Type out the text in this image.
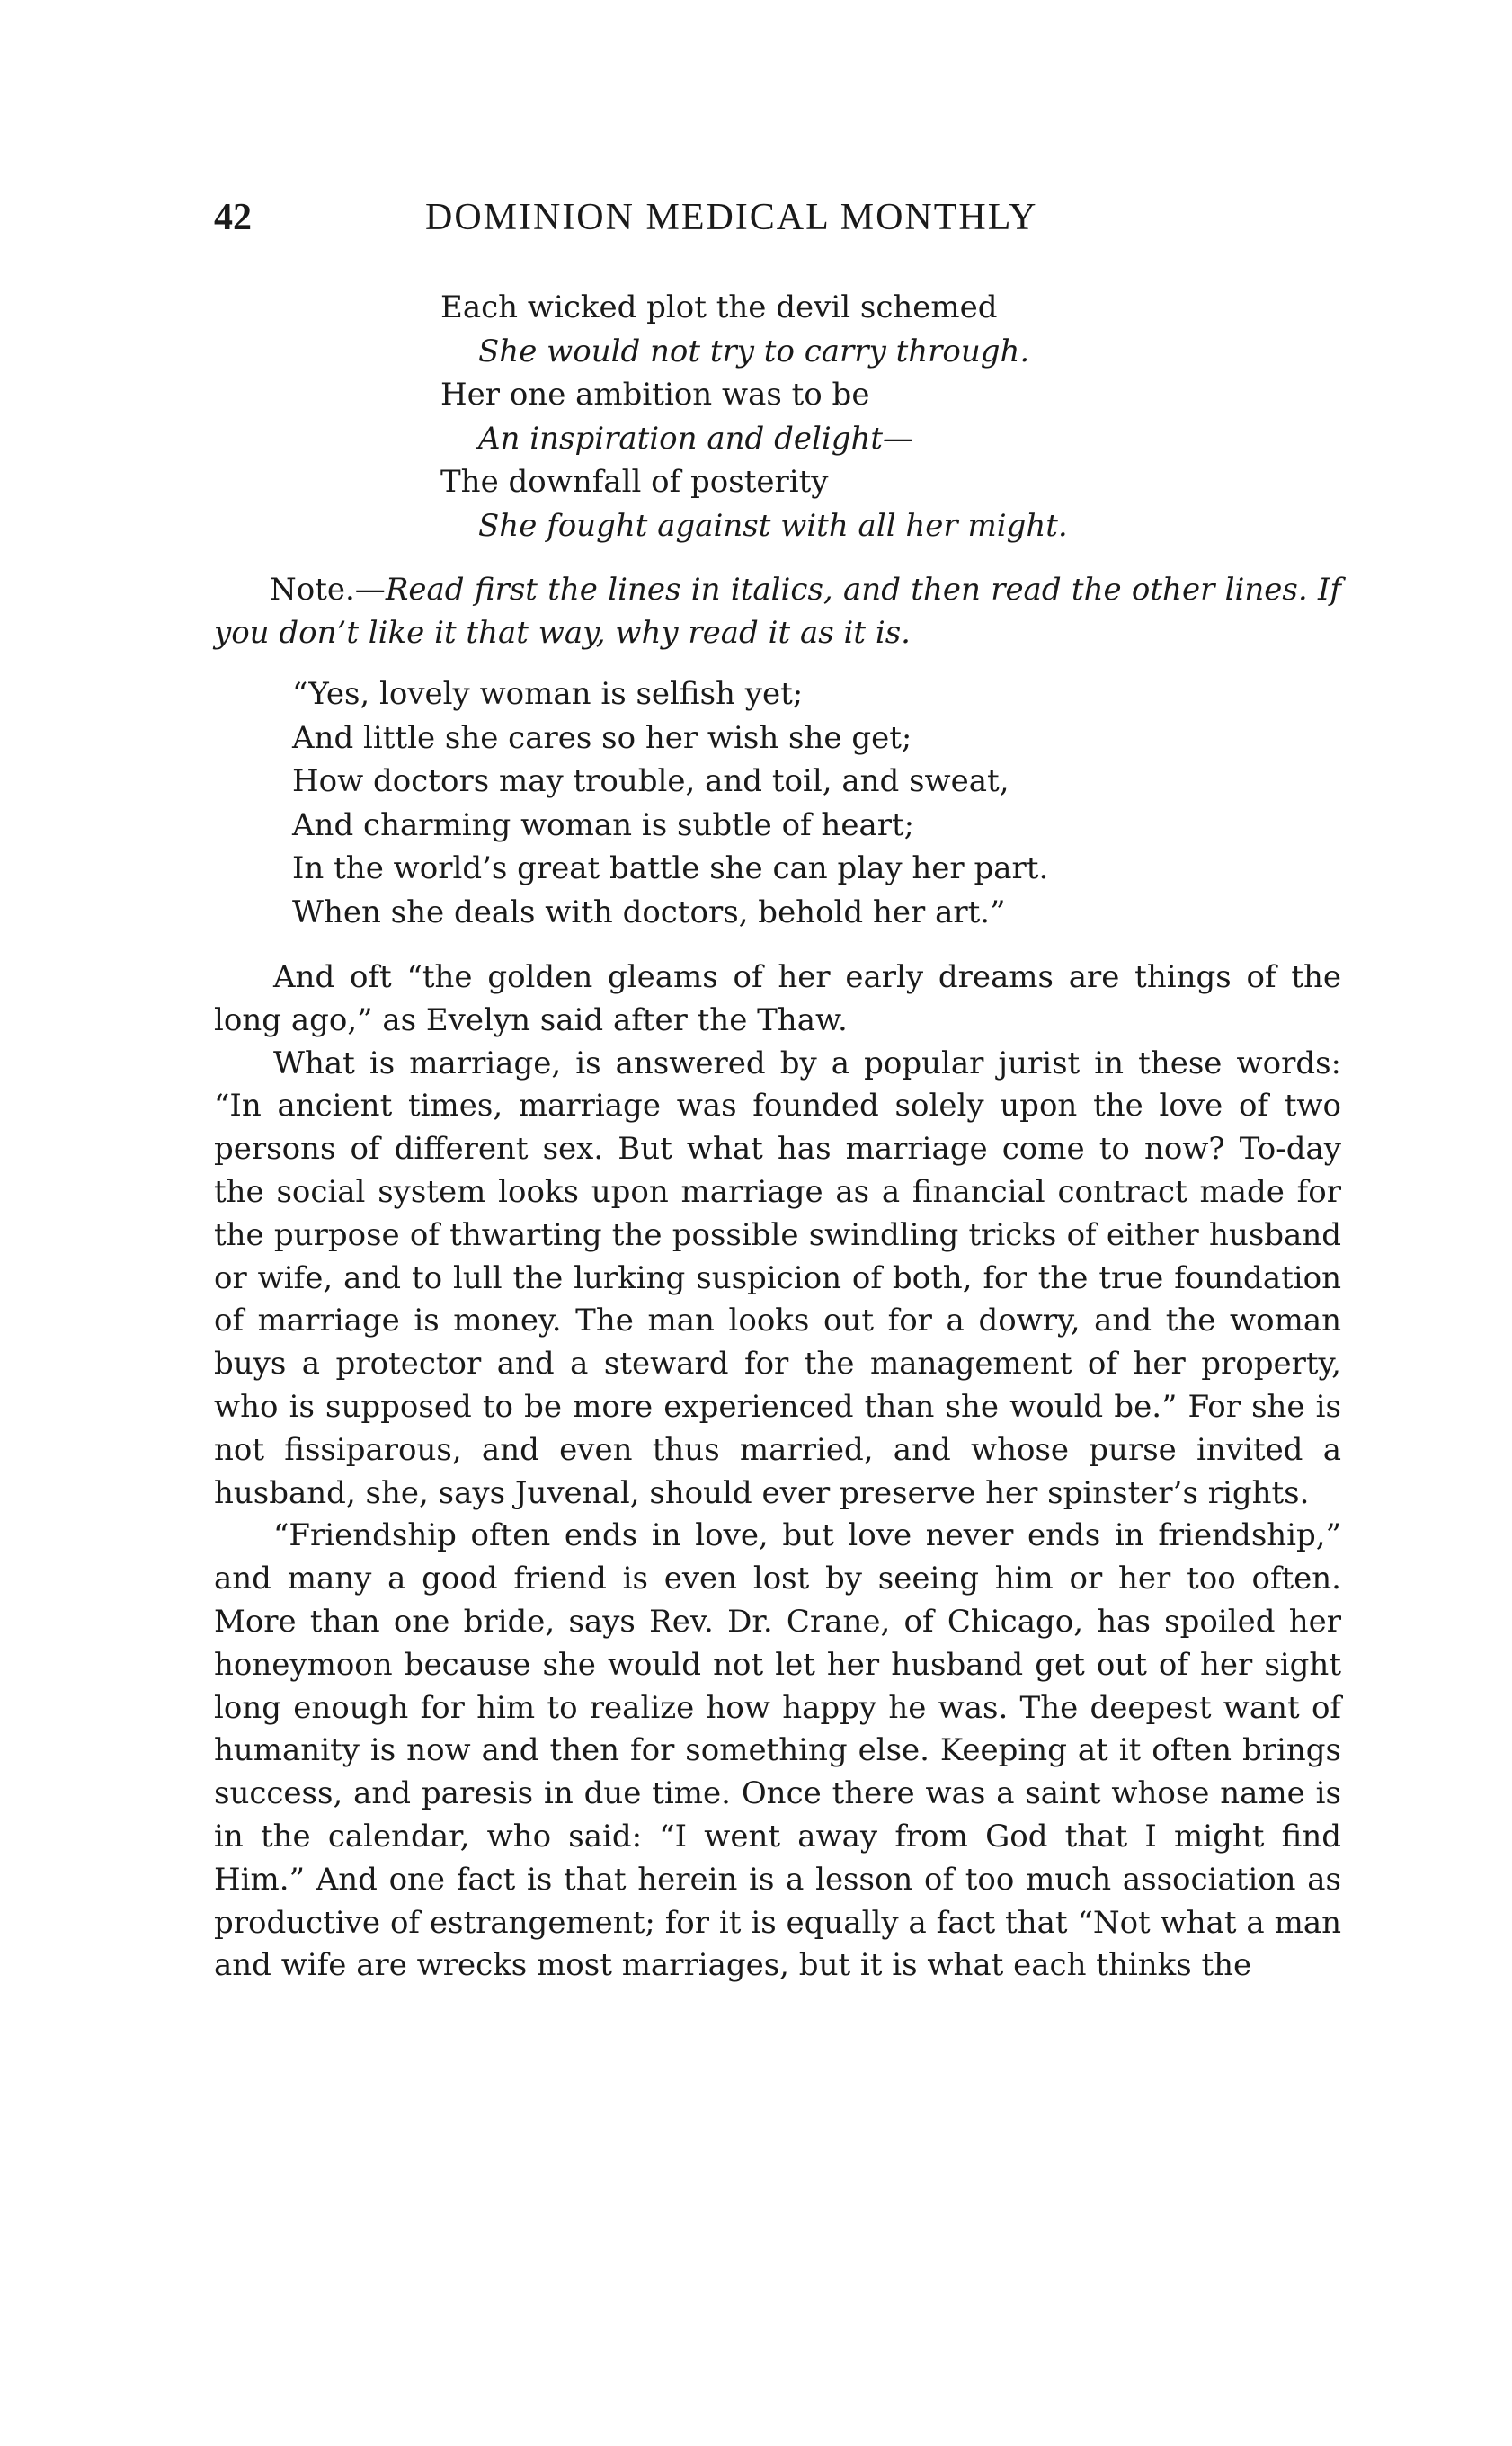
42	DOMINION MEDICAL MONTHLY
Each wicked plot the devil schemed
She would not try to carry through.
Her one ambition was to be
An inspiration and delight—
The downfall of posterity
She fought against with all her might.
Note.—Read first the lines in italics, and then read the other lines. If you don’t like it that way, why read it as it is.
“Yes, lovely woman is selfish yet;
And little she cares so her wish she get;
How doctors may trouble, and toil, and sweat,
And charming woman is subtle of heart;
In the world’s great battle she can play her part.
When she deals with doctors, behold her art.”

And oft “the golden gleams of her early dreams are things of the long ago,” as Evelyn said after the Thaw.

What is marriage, is answered by a popular jurist in these words: “In ancient times, marriage was founded solely upon the love of two persons of different sex. But what has marriage come to now? To-day the social system looks upon marriage as a financial contract made for the purpose of thwarting the possible swindling tricks of either husband or wife, and to lull the lurking suspicion of both, for the true foundation of marriage is money. The man looks out for a dowry, and the woman buys a protector and a steward for the management of her property, who is supposed to be more experienced than she would be.” For she is not fissiparous, and even thus married, and whose purse invited a husband, she, says Juvenal, should ever preserve her spinster’s rights.

“Friendship often ends in love, but love never ends in friendship,” and many a good friend is even lost by seeing him or her too often. More than one bride, says Rev. Dr. Crane, of Chicago, has spoiled her honeymoon because she would not let her husband get out of her sight long enough for him to realize how happy he was. The deepest want of humanity is now and then for something else. Keeping at it often brings success, and paresis in due time. Once there was a saint whose name is in the calendar, who said: “I went away from God that I might find Him.” And one fact is that herein is a lesson of too much association as productive of estrangement; for it is equally a fact that “Not what a man and wife are wrecks most marriages, but it is what each thinks the
